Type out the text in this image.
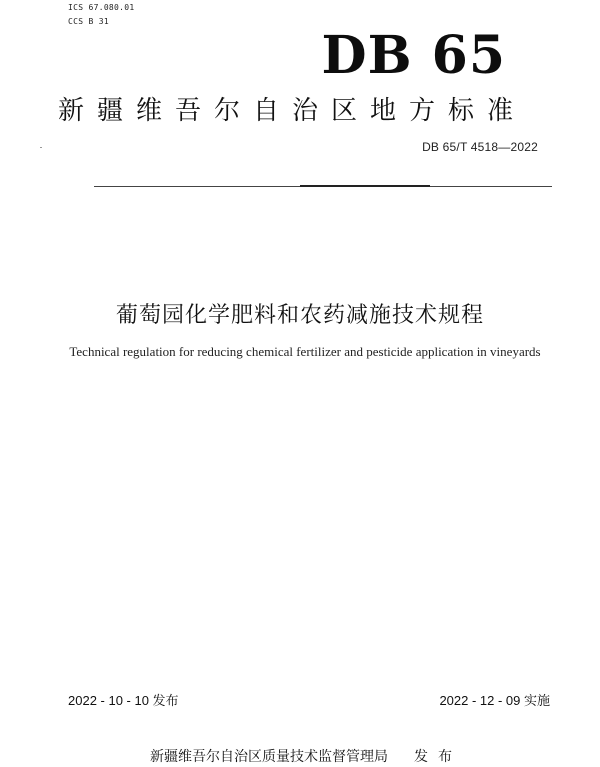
ICS 67.080.01
CCS B 31
DB 65
新疆维吾尔自治区地方标准
DB 65/T 4518—2022
葡萄园化学肥料和农药减施技术规程
Technical regulation for reducing chemical fertilizer and pesticide application in vineyards
2022 - 10 - 10 发布	2022 - 12 - 09 实施
新疆维吾尔自治区质量技术监督管理局 发布
